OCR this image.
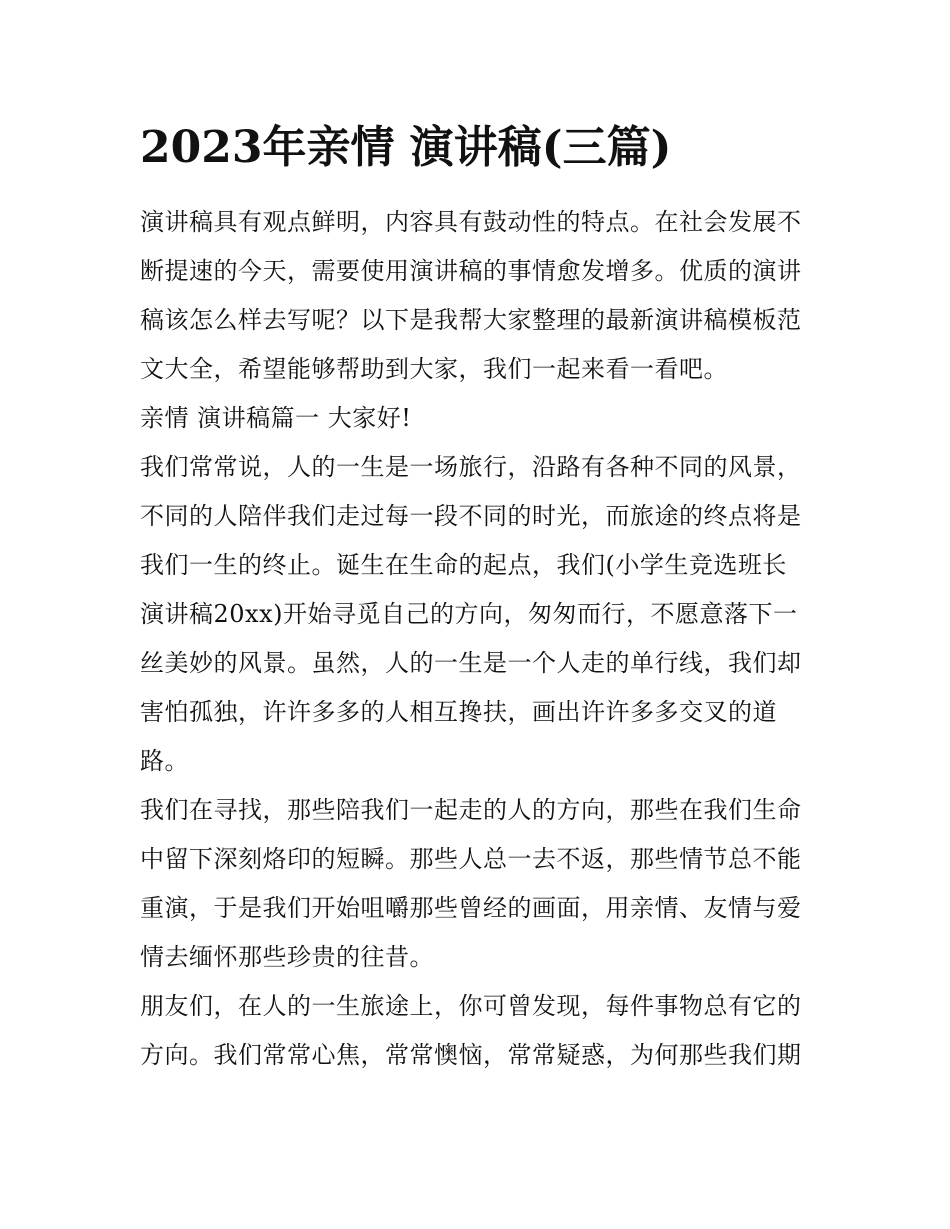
2023年亲情 演讲稿(三篇)
演讲稿具有观点鲜明，内容具有鼓动性的特点。在社会发展不
断提速的今天，需要使用演讲稿的事情愈发增多。优质的演讲
稿该怎么样去写呢？以下是我帮大家整理的最新演讲稿模板范
文大全，希望能够帮助到大家，我们一起来看一看吧。
亲情 演讲稿篇一 大家好!
我们常常说，人的一生是一场旅行，沿路有各种不同的风景，
不同的人陪伴我们走过每一段不同的时光，而旅途的终点将是
我们一生的终止。诞生在生命的起点，我们(小学生竞选班长
演讲稿20xx)开始寻觅自己的方向，匆匆而行，不愿意落下一
丝美妙的风景。虽然，人的一生是一个人走的单行线，我们却
害怕孤独，许许多多的人相互搀扶，画出许许多多交叉的道
路。
我们在寻找，那些陪我们一起走的人的方向，那些在我们生命
中留下深刻烙印的短瞬。那些人总一去不返，那些情节总不能
重演，于是我们开始咀嚼那些曾经的画面，用亲情、友情与爱
情去缅怀那些珍贵的往昔。
朋友们，在人的一生旅途上，你可曾发现，每件事物总有它的
方向。我们常常心焦，常常懊恼，常常疑惑，为何那些我们期
